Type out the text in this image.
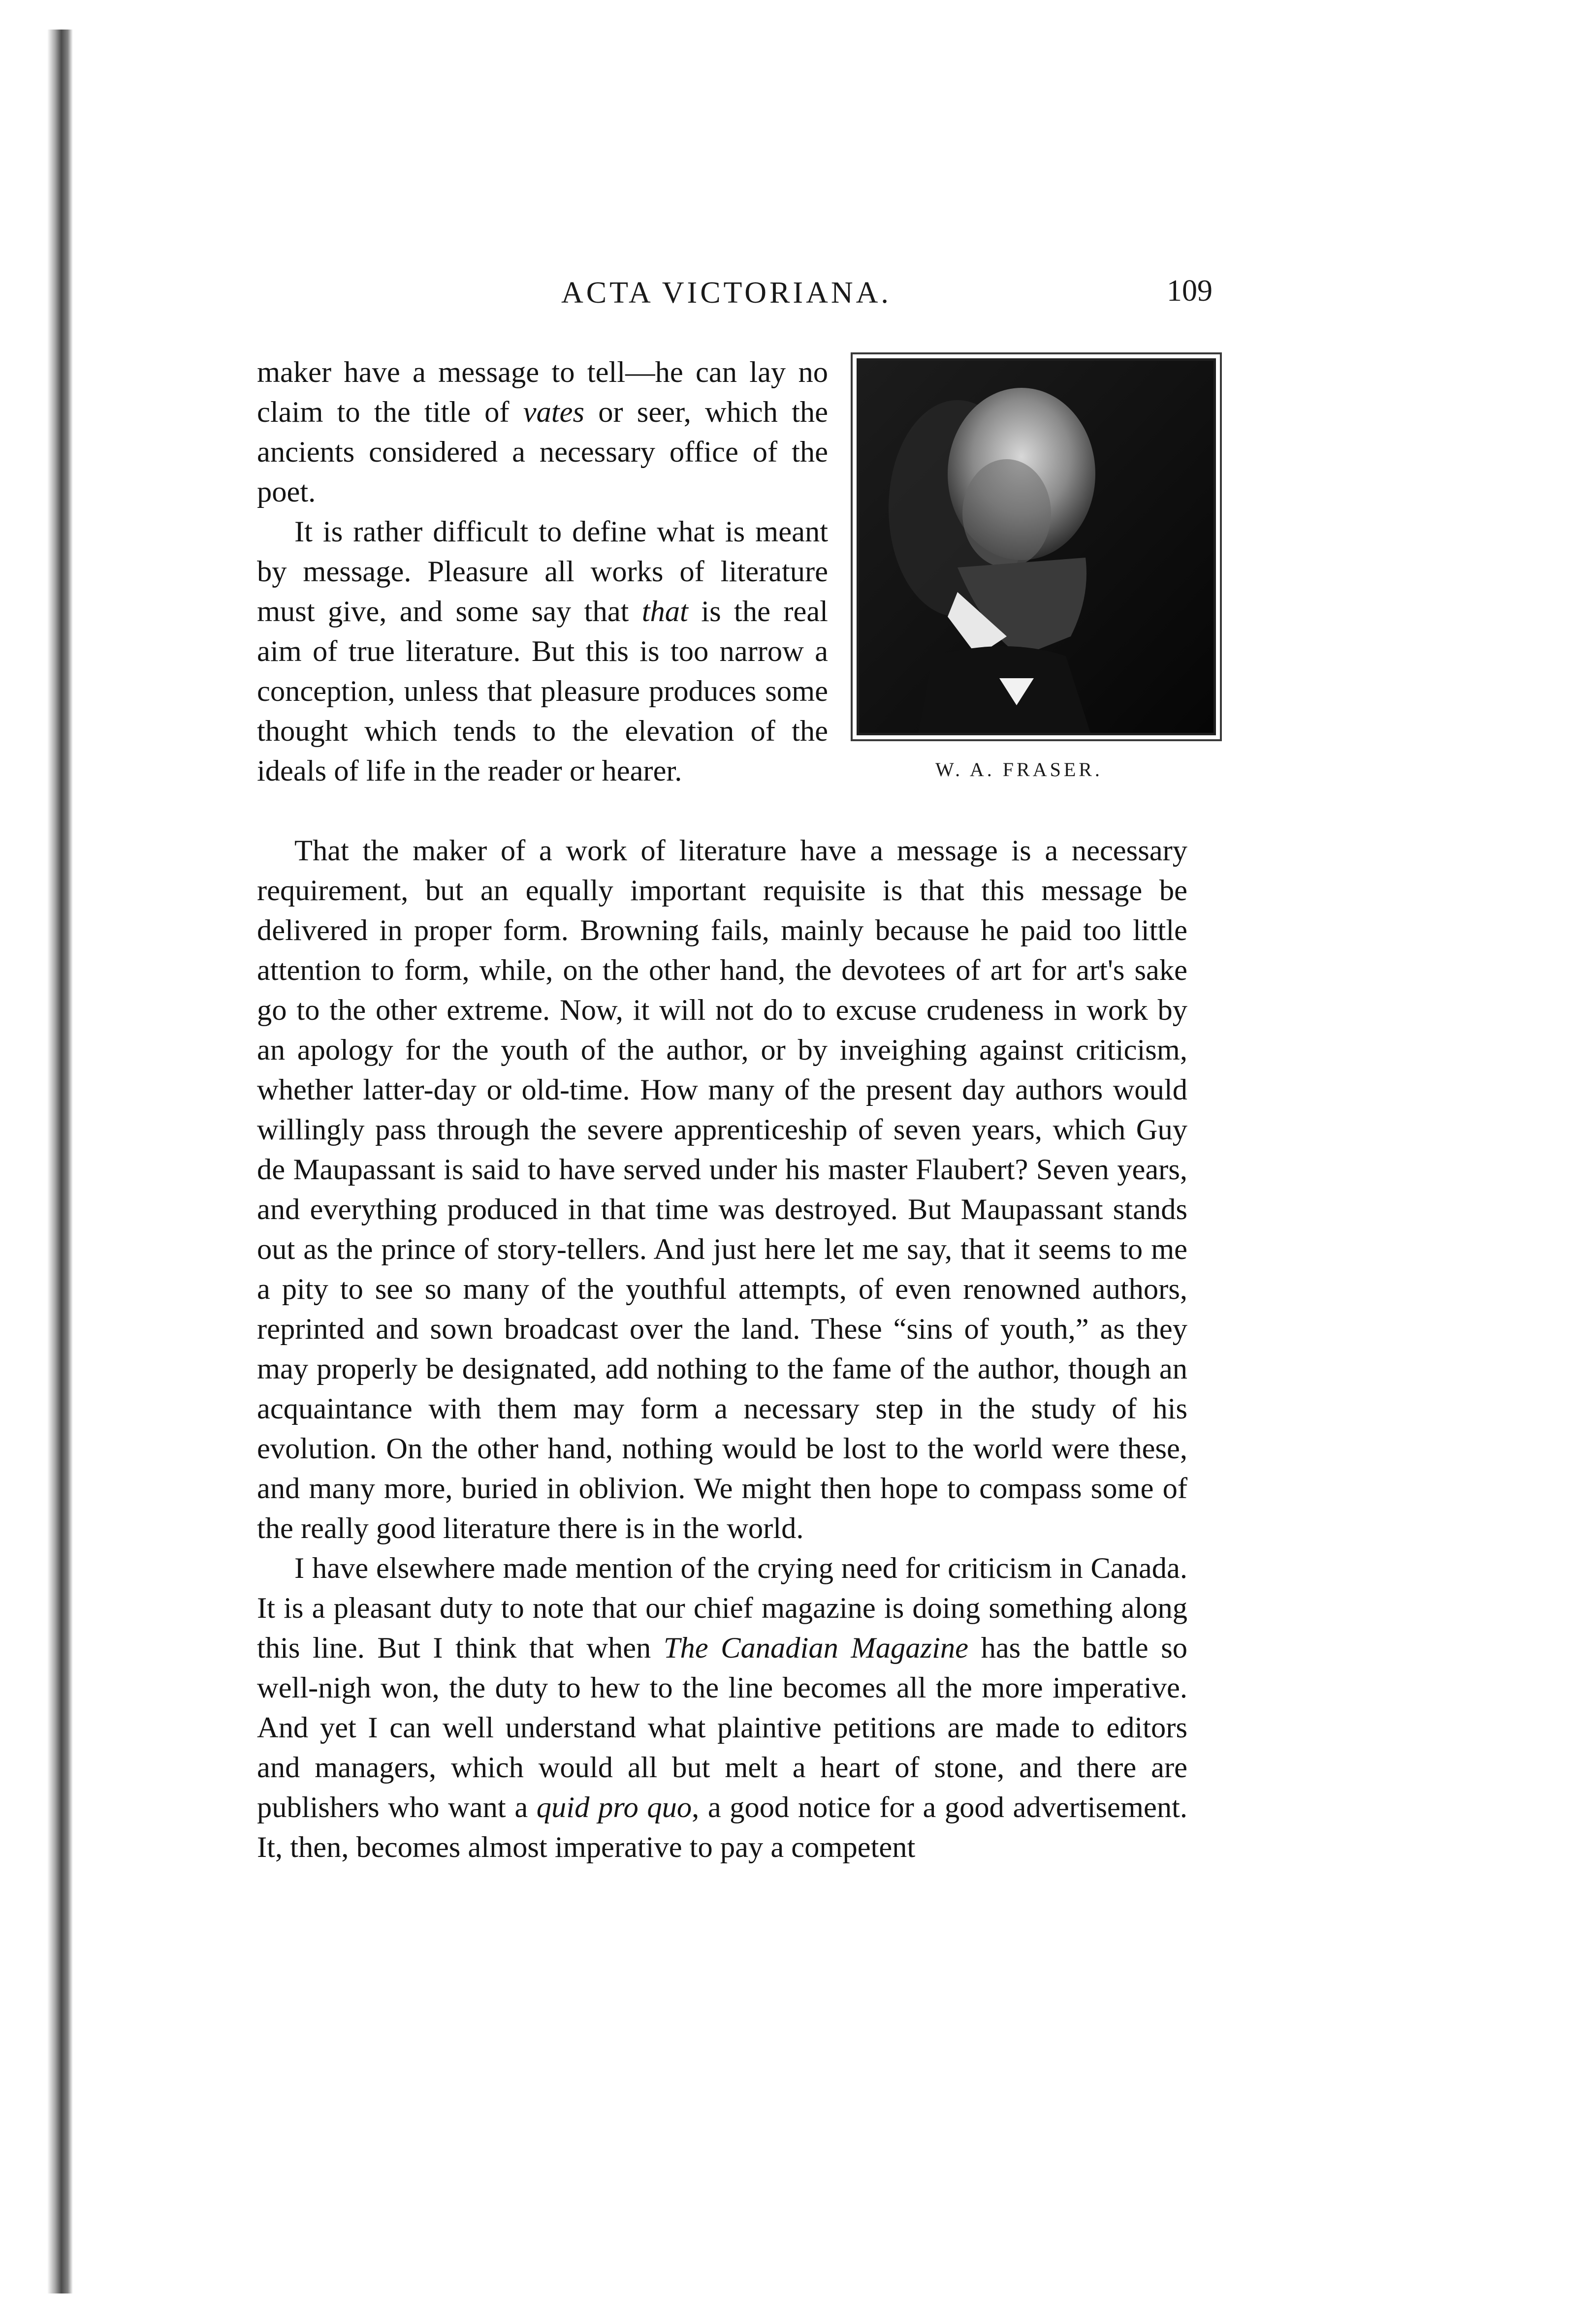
ACTA VICTORIANA.	109

maker have a message to tell—he can lay no claim to the title of vates or seer, which the ancients considered a necessary office of the poet.

It is rather difficult to define what is meant by message. Pleasure all works of literature must give, and some say that that is the real aim of true literature. But this is too narrow a conception, unless that pleasure produces some thought which tends to the elevation of the ideals of life in the reader or hearer.	W. A. FRASER.

That the maker of a work of literature have a message is a necessary requirement, but an equally important requisite is that this message be delivered in proper form. Browning fails, mainly because he paid too little attention to form, while, on the other hand, the devotees of art for art's sake go to the other extreme. Now, it will not do to excuse crudeness in work by an apology for the youth of the author, or by inveighing against criticism, whether latter-day or old-time. How many of the present day authors would willingly pass through the severe apprenticeship of seven years, which Guy de Maupassant is said to have served under his master Flaubert? Seven years, and everything produced in that time was destroyed. But Maupassant stands out as the prince of story-tellers. And just here let me say, that it seems to me a pity to see so many of the youthful attempts, of even renowned authors, reprinted and sown broadcast over the land. These “sins of youth,” as they may properly be designated, add nothing to the fame of the author, though an acquaintance with them may form a necessary step in the study of his evolution. On the other hand, nothing would be lost to the world were these, and many more, buried in oblivion. We might then hope to compass some of the really good literature there is in the world.

I have elsewhere made mention of the crying need for criticism in Canada. It is a pleasant duty to note that our chief magazine is doing something along this line. But I think that when The Canadian Magazine has the battle so well-nigh won, the duty to hew to the line becomes all the more imperative. And yet I can well understand what plaintive petitions are made to editors and managers, which would all but melt a heart of stone, and there are publishers who want a quid pro quo, a good notice for a good advertisement. It, then, becomes almost imperative to pay a competent
